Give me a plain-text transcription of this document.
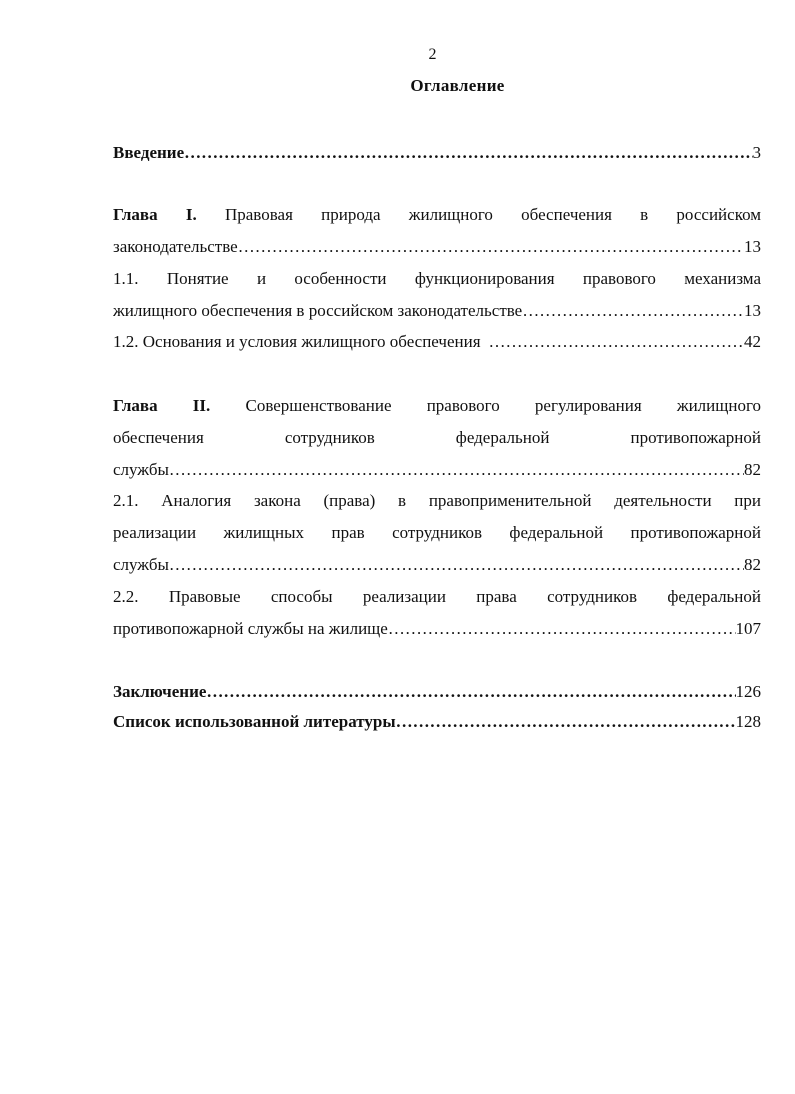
2
Оглавление
Введение …………………………………………………………………………………………………………………………………………………………………………………	3
Глава I. Правовая природа жилищного обеспечения в российском
законодательстве …………………………………………………………………………………………………………………………………………………………………………………	13
1.1. Понятие и особенности функционирования правового механизма
жилищного обеспечения в российском законодательстве …………………………………………………………………………………………………………………………………………………………………………………	13
1.2. Основания и условия жилищного обеспечения …………………………………………………………………………………………………………………………………………………………………………………	42
Глава II. Совершенствование правового регулирования жилищного
обеспечения сотрудников федеральной противопожарной
службы …………………………………………………………………………………………………………………………………………………………………………………	82
2.1. Аналогия закона (права) в правоприменительной деятельности при
реализации жилищных прав сотрудников федеральной противопожарной
службы …………………………………………………………………………………………………………………………………………………………………………………	82
2.2. Правовые способы реализации права сотрудников федеральной
противопожарной службы на жилище …………………………………………………………………………………………………………………………………………………………………………………	107
Заключение …………………………………………………………………………………………………………………………………………………………………………………	126
Список использованной литературы …………………………………………………………………………………………………………………………………………………………………………………	128
